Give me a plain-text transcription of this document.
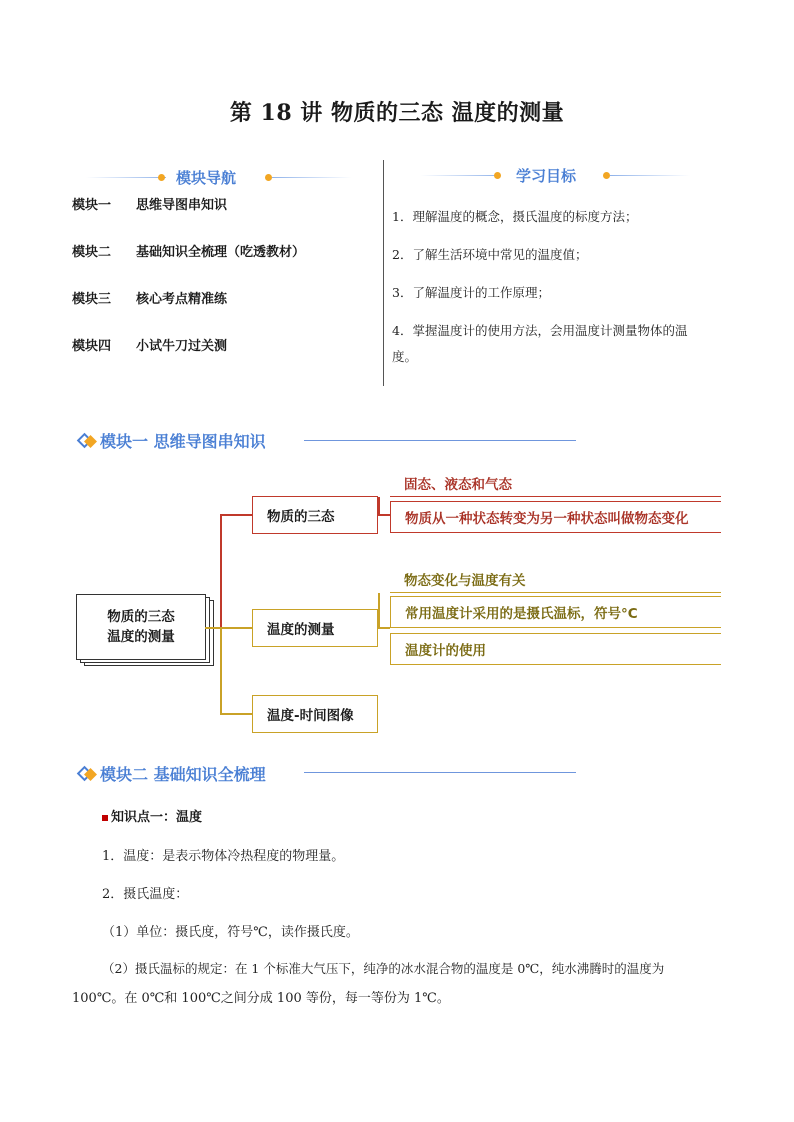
第 18 讲 物质的三态 温度的测量
模块导航
模块一 思维导图串知识
模块二 基础知识全梳理（吃透教材）
模块三 核心考点精准练
模块四 小试牛刀过关测
学习目标
1．理解温度的概念，摄氏温度的标度方法；
2．了解生活环境中常见的温度值；
3．了解温度计的工作原理；
4．掌握温度计的使用方法，会用温度计测量物体的温
度。
模块一 思维导图串知识
物质的三态
温度的测量
物质的三态
温度的测量
温度-时间图像
固态、液态和气态
物质从一种状态转变为另一种状态叫做物态变化
物态变化与温度有关
常用温度计采用的是摄氏温标，符号°C
温度计的使用
模块二 基础知识全梳理
知识点一：温度
1．温度：是表示物体冷热程度的物理量。
2．摄氏温度：
（1）单位：摄氏度，符号℃，读作摄氏度。
（2）摄氏温标的规定：在 1 个标准大气压下，纯净的冰水混合物的温度是 0℃，纯水沸腾时的温度为
100℃。在 0℃和 100℃之间分成 100 等份，每一等份为 1℃。
